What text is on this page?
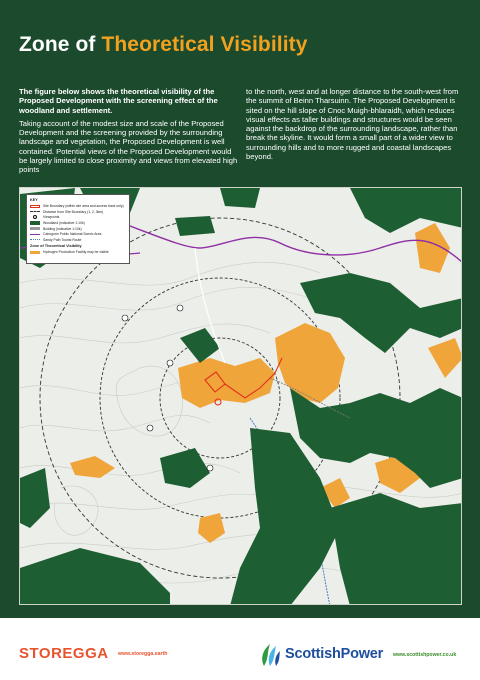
Zone of Theoretical Visibility

The figure below shows the theoretical visibility of the Proposed Development with the screening effect of the woodland and settlement.

Taking account of the modest size and scale of the Proposed Development and the screening provided by the surrounding landscape and vegetation, the Proposed Development is well contained. Potential views of the Proposed Development would be largely limited to close proximity and views from elevated high points

to the north, west and at longer distance to the south-west from the summit of Beinn Tharsuinn. The Proposed Development is sited on the hill slope of Cnoc Muigh-bhlaraidh, which reduces visual effects as taller buildings and structures would be seen against the backdrop of the surrounding landscape, rather than break the skyline. It would form a small part of a wider view to surrounding hills and to more rugged and coastal landscapes beyond.

KEY
Site Boundary (within site area and access track only)
Distance from Site Boundary (1, 2, 3km)
Viewpoints
Woodland (indicative 1:10k)
Building (indicative 1:10k)
Cairngorm Public National Scenic Area
Sandy Path Tourist Route
Zone of Theoretical Visibility
Hydrogen Production Facility may be visible
STOREGGA www.storegga.earth	ScottishPower www.scottishpower.co.uk
